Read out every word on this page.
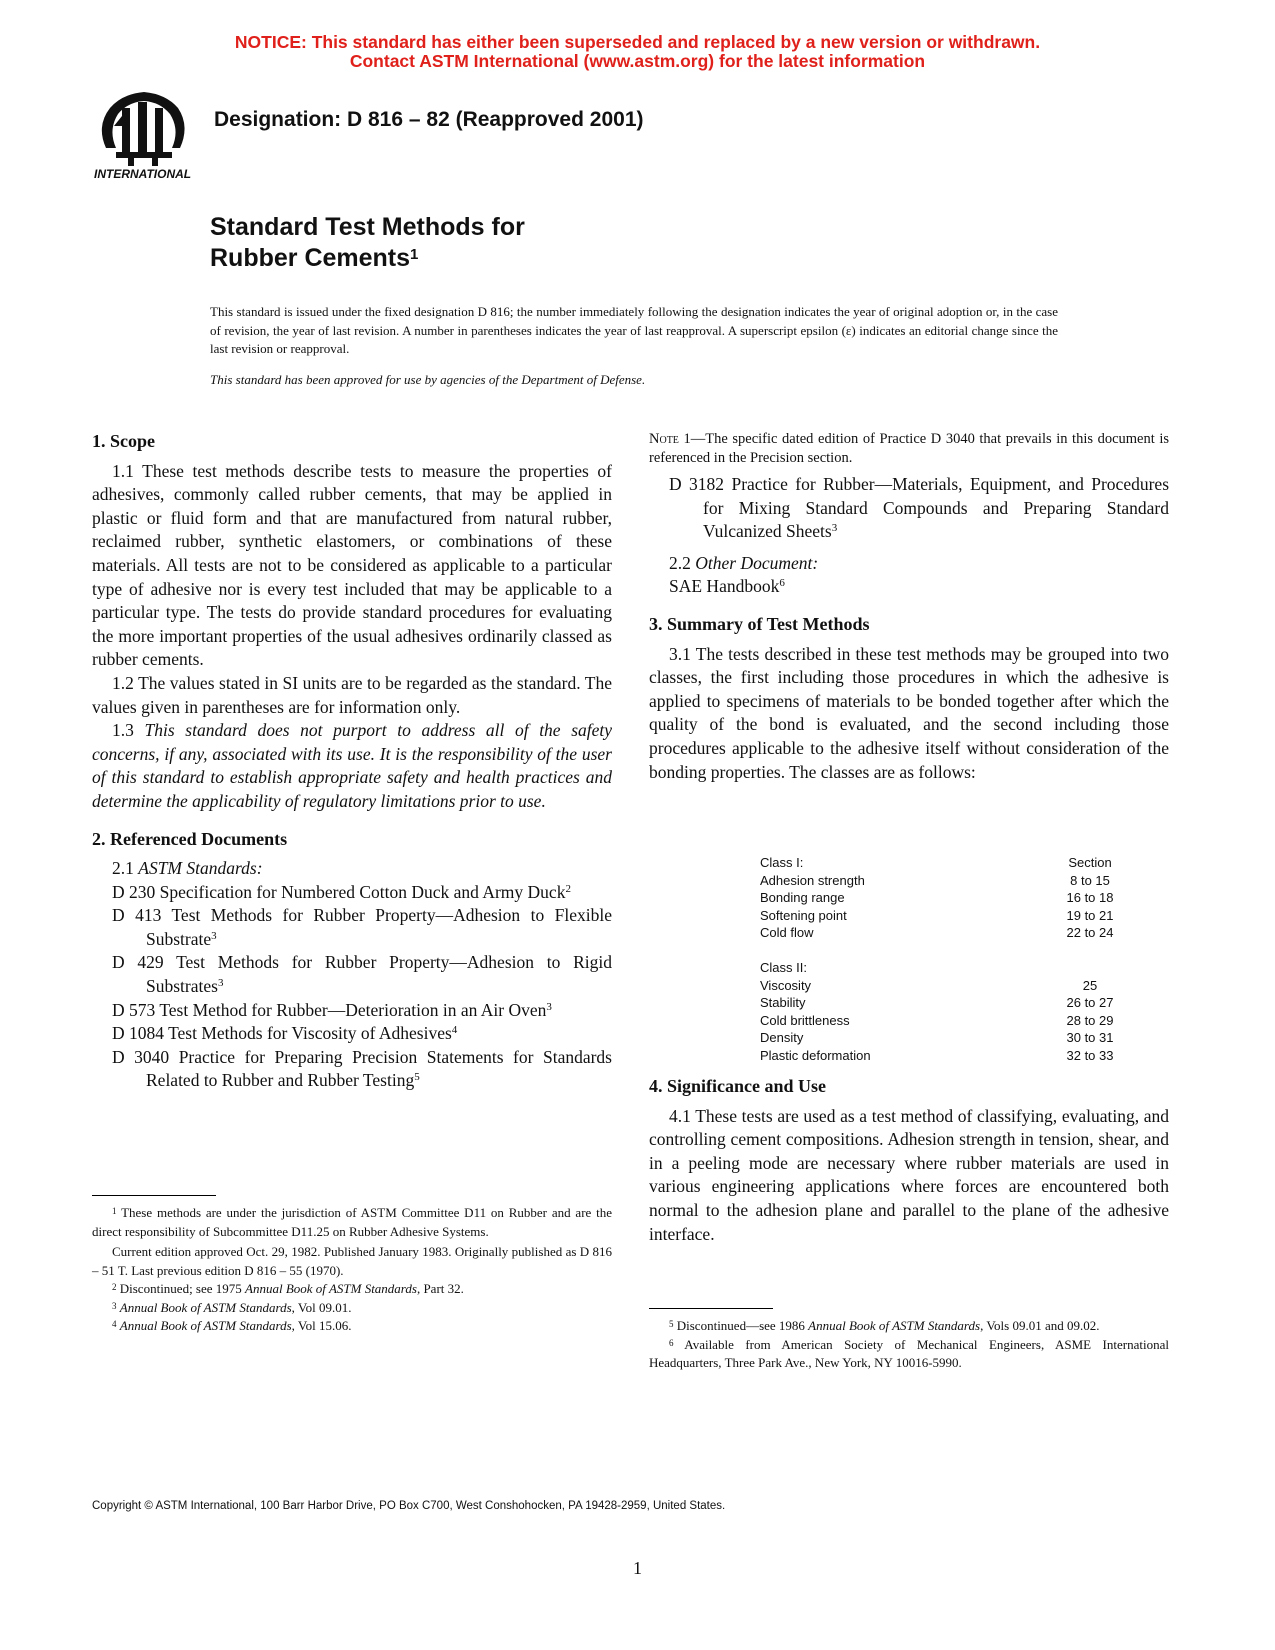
NOTICE: This standard has either been superseded and replaced by a new version or withdrawn.
Contact ASTM International (www.astm.org) for the latest information
INTERNATIONAL
Designation: D 816 – 82 (Reapproved 2001)
Standard Test Methods for
Rubber Cements$^1$
This standard is issued under the fixed designation D 816; the number immediately following the designation indicates the year of original adoption or, in the case of revision, the year of last revision. A number in parentheses indicates the year of last reapproval. A superscript epsilon (ε) indicates an editorial change since the last revision or reapproval.
This standard has been approved for use by agencies of the Department of Defense.
1. Scope

1.1 These test methods describe tests to measure the properties of adhesives, commonly called rubber cements, that may be applied in plastic or fluid form and that are manufactured from natural rubber, reclaimed rubber, synthetic elastomers, or combinations of these materials. All tests are not to be considered as applicable to a particular type of adhesive nor is every test included that may be applicable to a particular type. The tests do provide standard procedures for evaluating the more important properties of the usual adhesives ordinarily classed as rubber cements.

1.2 The values stated in SI units are to be regarded as the standard. The values given in parentheses are for information only.

1.3 This standard does not purport to address all of the safety concerns, if any, associated with its use. It is the responsibility of the user of this standard to establish appropriate safety and health practices and determine the applicability of regulatory limitations prior to use.

2. Referenced Documents

2.1 ASTM Standards:

D 230 Specification for Numbered Cotton Duck and Army Duck$^2$

D 413 Test Methods for Rubber Property—Adhesion to Flexible Substrate$^3$

D 429 Test Methods for Rubber Property—Adhesion to Rigid Substrates$^3$

D 573 Test Method for Rubber—Deterioration in an Air Oven$^3$

D 1084 Test Methods for Viscosity of Adhesives$^4$

D 3040 Practice for Preparing Precision Statements for Standards Related to Rubber and Rubber Testing$^5$

$^1$ These methods are under the jurisdiction of ASTM Committee D11 on Rubber and are the direct responsibility of Subcommittee D11.25 on Rubber Adhesive Systems.

Current edition approved Oct. 29, 1982. Published January 1983. Originally published as D 816 – 51 T. Last previous edition D 816 – 55 (1970).

$^2$ Discontinued; see 1975 Annual Book of ASTM Standards, Part 32.

$^3$ Annual Book of ASTM Standards, Vol 09.01.

$^4$ Annual Book of ASTM Standards, Vol 15.06.

Note 1—The specific dated edition of Practice D 3040 that prevails in this document is referenced in the Precision section.

D 3182 Practice for Rubber—Materials, Equipment, and Procedures for Mixing Standard Compounds and Preparing Standard Vulcanized Sheets$^3$

2.2 Other Document:

SAE Handbook$^6$

3. Summary of Test Methods

3.1 The tests described in these test methods may be grouped into two classes, the first including those procedures in which the adhesive is applied to specimens of materials to be bonded together after which the quality of the bond is evaluated, and the second including those procedures applicable to the adhesive itself without consideration of the bonding properties. The classes are as follows:

Class I:	Section
Adhesion strength	8 to 15
Bonding range	16 to 18
Softening point	19 to 21
Cold flow	22 to 24
Class II:
Viscosity	25
Stability	26 to 27
Cold brittleness	28 to 29
Density	30 to 31
Plastic deformation	32 to 33
4. Significance and Use

4.1 These tests are used as a test method of classifying, evaluating, and controlling cement compositions. Adhesion strength in tension, shear, and in a peeling mode are necessary where rubber materials are used in various engineering applications where forces are encountered both normal to the adhesion plane and parallel to the plane of the adhesive interface.

$^5$ Discontinued—see 1986 Annual Book of ASTM Standards, Vols 09.01 and 09.02.

$^6$ Available from American Society of Mechanical Engineers, ASME International Headquarters, Three Park Ave., New York, NY 10016-5990.

Copyright © ASTM International, 100 Barr Harbor Drive, PO Box C700, West Conshohocken, PA 19428-2959, United States.
1
